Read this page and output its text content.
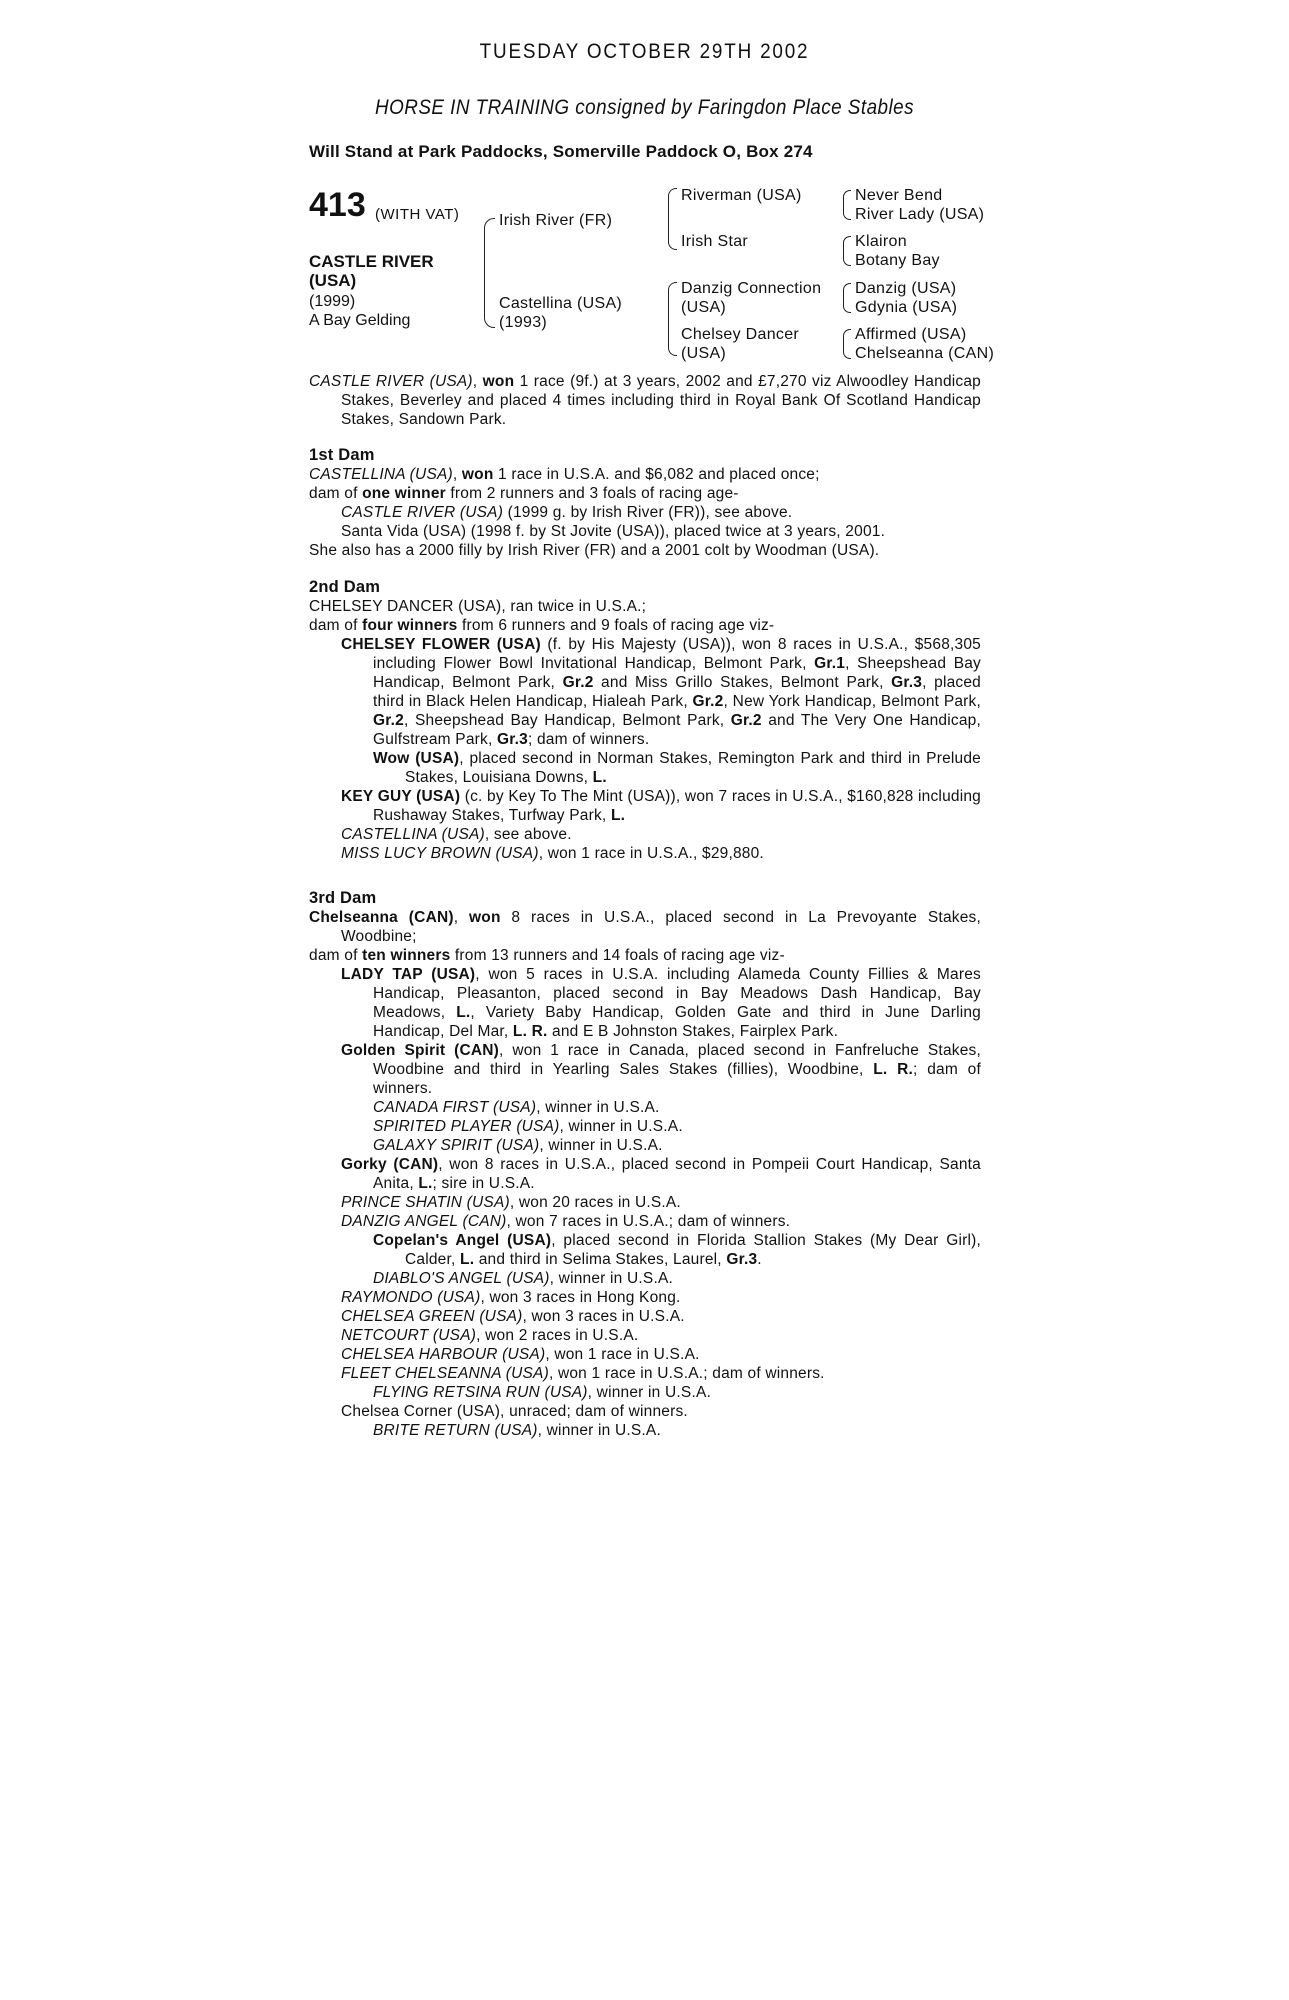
TUESDAY OCTOBER 29TH 2002
HORSE IN TRAINING consigned by Faringdon Place Stables
Will Stand at Park Paddocks, Somerville Paddock O, Box 274
413 (WITH VAT)
CASTLE RIVER
(USA)
(1999)
A Bay Gelding
Irish River (FR)
Castellina (USA)
(1993)
Riverman (USA)
Irish Star
Danzig Connection
(USA)
Chelsey Dancer
(USA)
Never Bend
River Lady (USA)
Klairon
Botany Bay
Danzig (USA)
Gdynia (USA)
Affirmed (USA)
Chelseanna (CAN)

CASTLE RIVER (USA), won 1 race (9f.) at 3 years, 2002 and £7,270 viz Alwoodley Handicap Stakes, Beverley and placed 4 times including third in Royal Bank Of Scotland Handicap Stakes, Sandown Park.

1st Dam

CASTELLINA (USA), won 1 race in U.S.A. and $6,082 and placed once;

dam of one winner from 2 runners and 3 foals of racing age-

CASTLE RIVER (USA) (1999 g. by Irish River (FR)), see above.

Santa Vida (USA) (1998 f. by St Jovite (USA)), placed twice at 3 years, 2001.

She also has a 2000 filly by Irish River (FR) and a 2001 colt by Woodman (USA).

2nd Dam

CHELSEY DANCER (USA), ran twice in U.S.A.;

dam of four winners from 6 runners and 9 foals of racing age viz-

CHELSEY FLOWER (USA) (f. by His Majesty (USA)), won 8 races in U.S.A., $568,305 including Flower Bowl Invitational Handicap, Belmont Park, Gr.1, Sheepshead Bay Handicap, Belmont Park, Gr.2 and Miss Grillo Stakes, Belmont Park, Gr.3, placed third in Black Helen Handicap, Hialeah Park, Gr.2, New York Handicap, Belmont Park, Gr.2, Sheepshead Bay Handicap, Belmont Park, Gr.2 and The Very One Handicap, Gulfstream Park, Gr.3; dam of winners.

Wow (USA), placed second in Norman Stakes, Remington Park and third in Prelude Stakes, Louisiana Downs, L.

KEY GUY (USA) (c. by Key To The Mint (USA)), won 7 races in U.S.A., $160,828 including Rushaway Stakes, Turfway Park, L.

CASTELLINA (USA), see above.

MISS LUCY BROWN (USA), won 1 race in U.S.A., $29,880.

3rd Dam

Chelseanna (CAN), won 8 races in U.S.A., placed second in La Prevoyante Stakes, Woodbine;

dam of ten winners from 13 runners and 14 foals of racing age viz-

LADY TAP (USA), won 5 races in U.S.A. including Alameda County Fillies & Mares Handicap, Pleasanton, placed second in Bay Meadows Dash Handicap, Bay Meadows, L., Variety Baby Handicap, Golden Gate and third in June Darling Handicap, Del Mar, L. R. and E B Johnston Stakes, Fairplex Park.

Golden Spirit (CAN), won 1 race in Canada, placed second in Fanfreluche Stakes, Woodbine and third in Yearling Sales Stakes (fillies), Woodbine, L. R.; dam of winners.

CANADA FIRST (USA), winner in U.S.A.

SPIRITED PLAYER (USA), winner in U.S.A.

GALAXY SPIRIT (USA), winner in U.S.A.

Gorky (CAN), won 8 races in U.S.A., placed second in Pompeii Court Handicap, Santa Anita, L.; sire in U.S.A.

PRINCE SHATIN (USA), won 20 races in U.S.A.

DANZIG ANGEL (CAN), won 7 races in U.S.A.; dam of winners.

Copelan's Angel (USA), placed second in Florida Stallion Stakes (My Dear Girl), Calder, L. and third in Selima Stakes, Laurel, Gr.3.

DIABLO'S ANGEL (USA), winner in U.S.A.

RAYMONDO (USA), won 3 races in Hong Kong.

CHELSEA GREEN (USA), won 3 races in U.S.A.

NETCOURT (USA), won 2 races in U.S.A.

CHELSEA HARBOUR (USA), won 1 race in U.S.A.

FLEET CHELSEANNA (USA), won 1 race in U.S.A.; dam of winners.

FLYING RETSINA RUN (USA), winner in U.S.A.

Chelsea Corner (USA), unraced; dam of winners.

BRITE RETURN (USA), winner in U.S.A.
